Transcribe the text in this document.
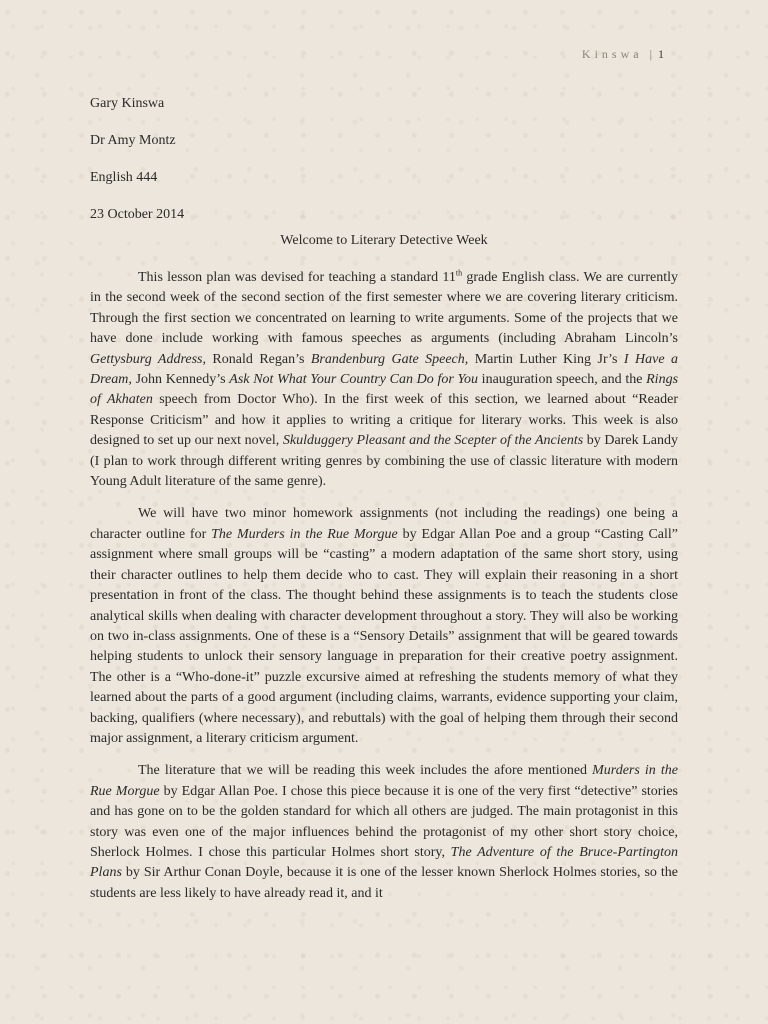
Kinswa | 1

Gary Kinswa

Dr Amy Montz

English 444

23 October 2014

Welcome to Literary Detective Week

This lesson plan was devised for teaching a standard 11th grade English class. We are currently in the second week of the second section of the first semester where we are covering literary criticism. Through the first section we concentrated on learning to write arguments. Some of the projects that we have done include working with famous speeches as arguments (including Abraham Lincoln’s Gettysburg Address, Ronald Regan’s Brandenburg Gate Speech, Martin Luther King Jr’s I Have a Dream, John Kennedy’s Ask Not What Your Country Can Do for You inauguration speech, and the Rings of Akhaten speech from Doctor Who). In the first week of this section, we learned about “Reader Response Criticism” and how it applies to writing a critique for literary works. This week is also designed to set up our next novel, Skulduggery Pleasant and the Scepter of the Ancients by Darek Landy (I plan to work through different writing genres by combining the use of classic literature with modern Young Adult literature of the same genre).

We will have two minor homework assignments (not including the readings) one being a character outline for The Murders in the Rue Morgue by Edgar Allan Poe and a group “Casting Call” assignment where small groups will be “casting” a modern adaptation of the same short story, using their character outlines to help them decide who to cast. They will explain their reasoning in a short presentation in front of the class. The thought behind these assignments is to teach the students close analytical skills when dealing with character development throughout a story. They will also be working on two in-class assignments. One of these is a “Sensory Details” assignment that will be geared towards helping students to unlock their sensory language in preparation for their creative poetry assignment. The other is a “Who-done-it” puzzle excursive aimed at refreshing the students memory of what they learned about the parts of a good argument (including claims, warrants, evidence supporting your claim, backing, qualifiers (where necessary), and rebuttals) with the goal of helping them through their second major assignment, a literary criticism argument.

The literature that we will be reading this week includes the afore mentioned Murders in the Rue Morgue by Edgar Allan Poe. I chose this piece because it is one of the very first “detective” stories and has gone on to be the golden standard for which all others are judged. The main protagonist in this story was even one of the major influences behind the protagonist of my other short story choice, Sherlock Holmes. I chose this particular Holmes short story, The Adventure of the Bruce-Partington Plans by Sir Arthur Conan Doyle, because it is one of the lesser known Sherlock Holmes stories, so the students are less likely to have already read it, and it
